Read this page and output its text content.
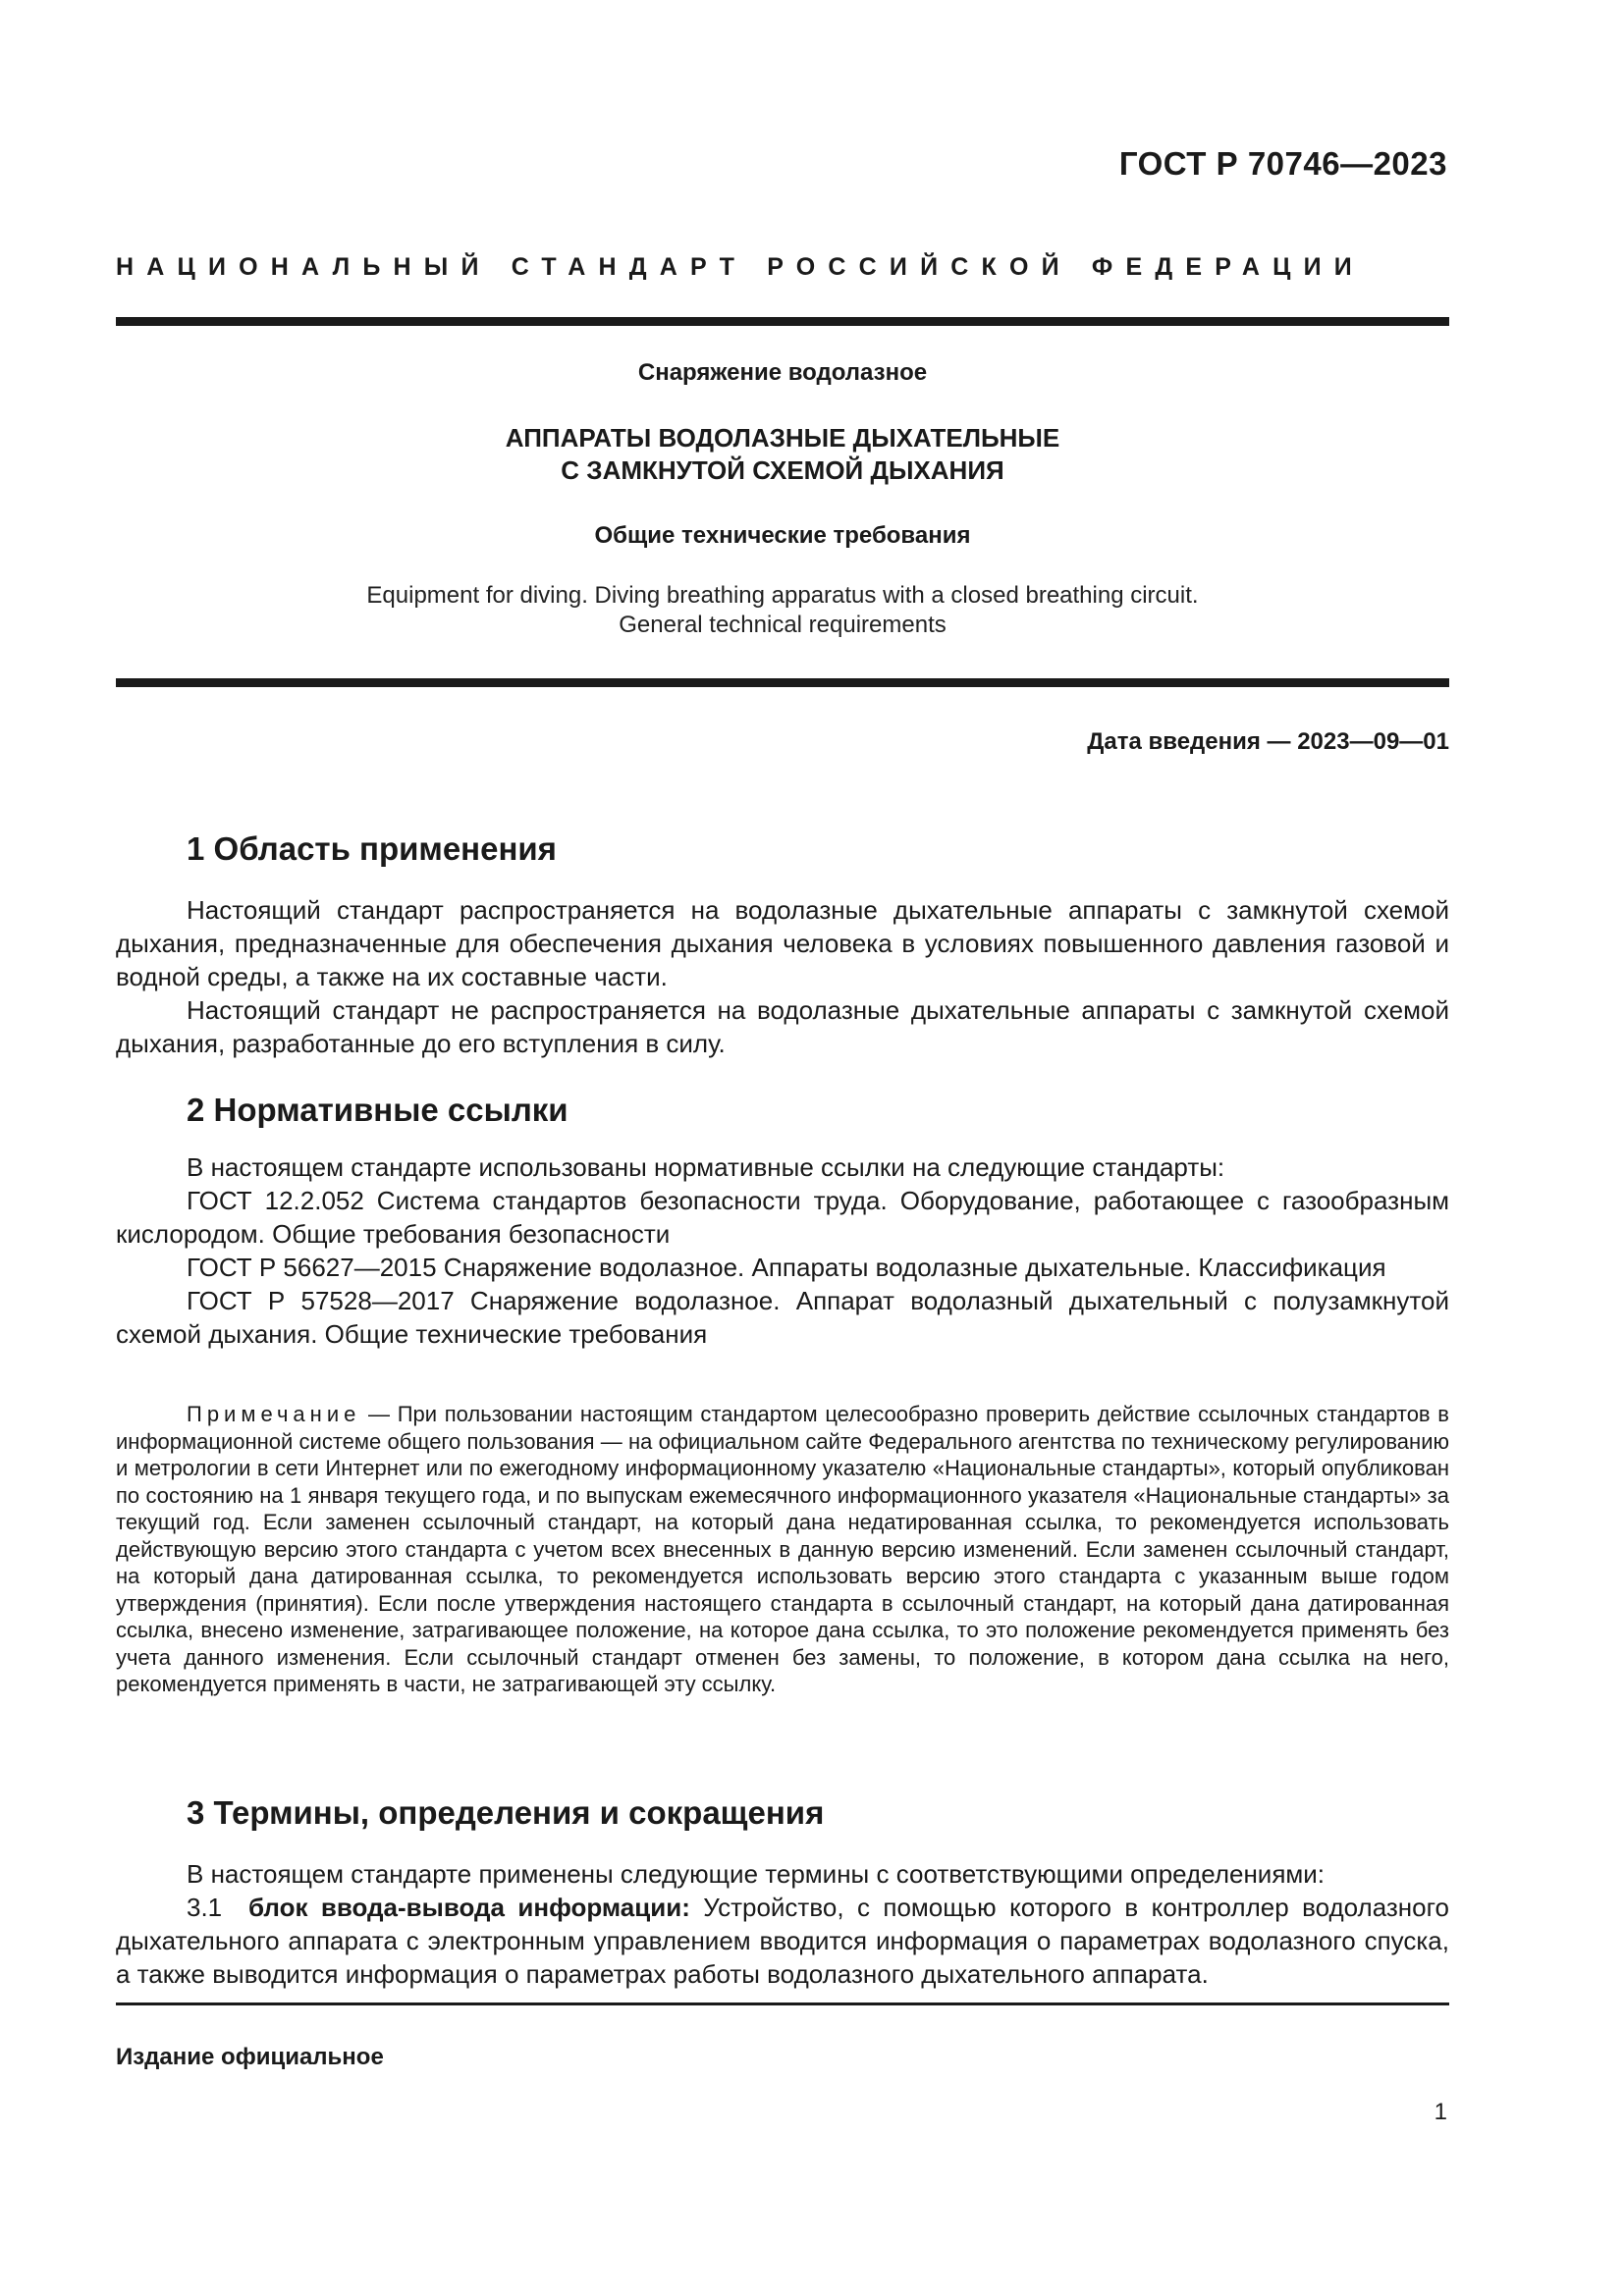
ГОСТ Р 70746—2023
НАЦИОНАЛЬНЫЙ СТАНДАРТ РОССИЙСКОЙ ФЕДЕРАЦИИ
Снаряжение водолазное
АППАРАТЫ ВОДОЛАЗНЫЕ ДЫХАТЕЛЬНЫЕ
С ЗАМКНУТОЙ СХЕМОЙ ДЫХАНИЯ
Общие технические требования
Equipment for diving. Diving breathing apparatus with a closed breathing circuit.
General technical requirements
Дата введения — 2023—09—01
1 Область применения

Настоящий стандарт распространяется на водолазные дыхательные аппараты с замкнутой схемой дыхания, предназначенные для обеспечения дыхания человека в условиях повышенного давления газовой и водной среды, а также на их составные части.

Настоящий стандарт не распространяется на водолазные дыхательные аппараты с замкнутой схемой дыхания, разработанные до его вступления в силу.

2 Нормативные ссылки

В настоящем стандарте использованы нормативные ссылки на следующие стандарты:

ГОСТ 12.2.052 Система стандартов безопасности труда. Оборудование, работающее с газообразным кислородом. Общие требования безопасности

ГОСТ Р 56627—2015 Снаряжение водолазное. Аппараты водолазные дыхательные. Классификация

ГОСТ Р 57528—2017 Снаряжение водолазное. Аппарат водолазный дыхательный с полузамкнутой схемой дыхания. Общие технические требования

Примечание — При пользовании настоящим стандартом целесообразно проверить действие ссылочных стандартов в информационной системе общего пользования — на официальном сайте Федерального агентства по техническому регулированию и метрологии в сети Интернет или по ежегодному информационному указателю «Национальные стандарты», который опубликован по состоянию на 1 января текущего года, и по выпускам ежемесячного информационного указателя «Национальные стандарты» за текущий год. Если заменен ссылочный стандарт, на который дана недатированная ссылка, то рекомендуется использовать действующую версию этого стандарта с учетом всех внесенных в данную версию изменений. Если заменен ссылочный стандарт, на который дана датированная ссылка, то рекомендуется использовать версию этого стандарта с указанным выше годом утверждения (принятия). Если после утверждения настоящего стандарта в ссылочный стандарт, на который дана датированная ссылка, внесено изменение, затрагивающее положение, на которое дана ссылка, то это положение рекомендуется применять без учета данного изменения. Если ссылочный стандарт отменен без замены, то положение, в котором дана ссылка на него, рекомендуется применять в части, не затрагивающей эту ссылку.

3 Термины, определения и сокращения

В настоящем стандарте применены следующие термины с соответствующими определениями:

3.1 блок ввода-вывода информации: Устройство, с помощью которого в контроллер водолазного дыхательного аппарата с электронным управлением вводится информация о параметрах водолазного спуска, а также выводится информация о параметрах работы водолазного дыхательного аппарата.

Издание официальное
1
